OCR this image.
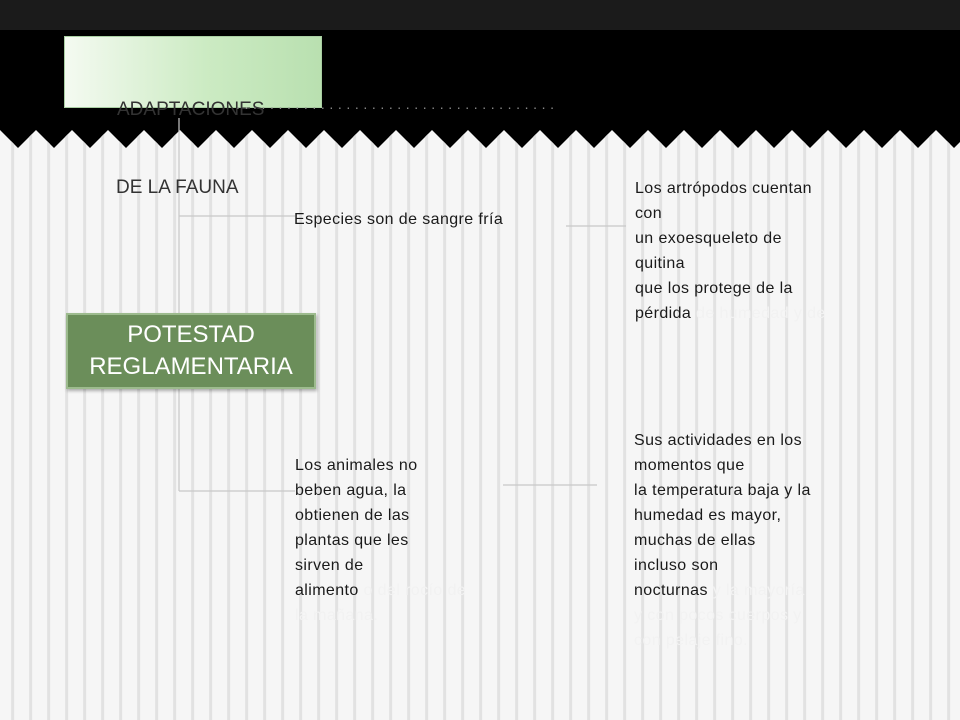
ADAPTACIONES

DE LA FAUNA

......................................
POTESTAD
REGLAMENTARIA
Especies son de sangre fría
Los artrópodos cuentan
con
un exoesqueleto de
quitina
que los protege de la
pérdida de humedad y de
Los animales no
beben agua, la
obtienen de las
plantas que les
sirven de
alimento o del rocío de
la mañana.
Sus actividades en los
momentos que
la temperatura baja y la
humedad es mayor,
muchas de ellas
incluso son
nocturnas y la mayoría
y con pocos cuerpos y
con pelaje fino.
